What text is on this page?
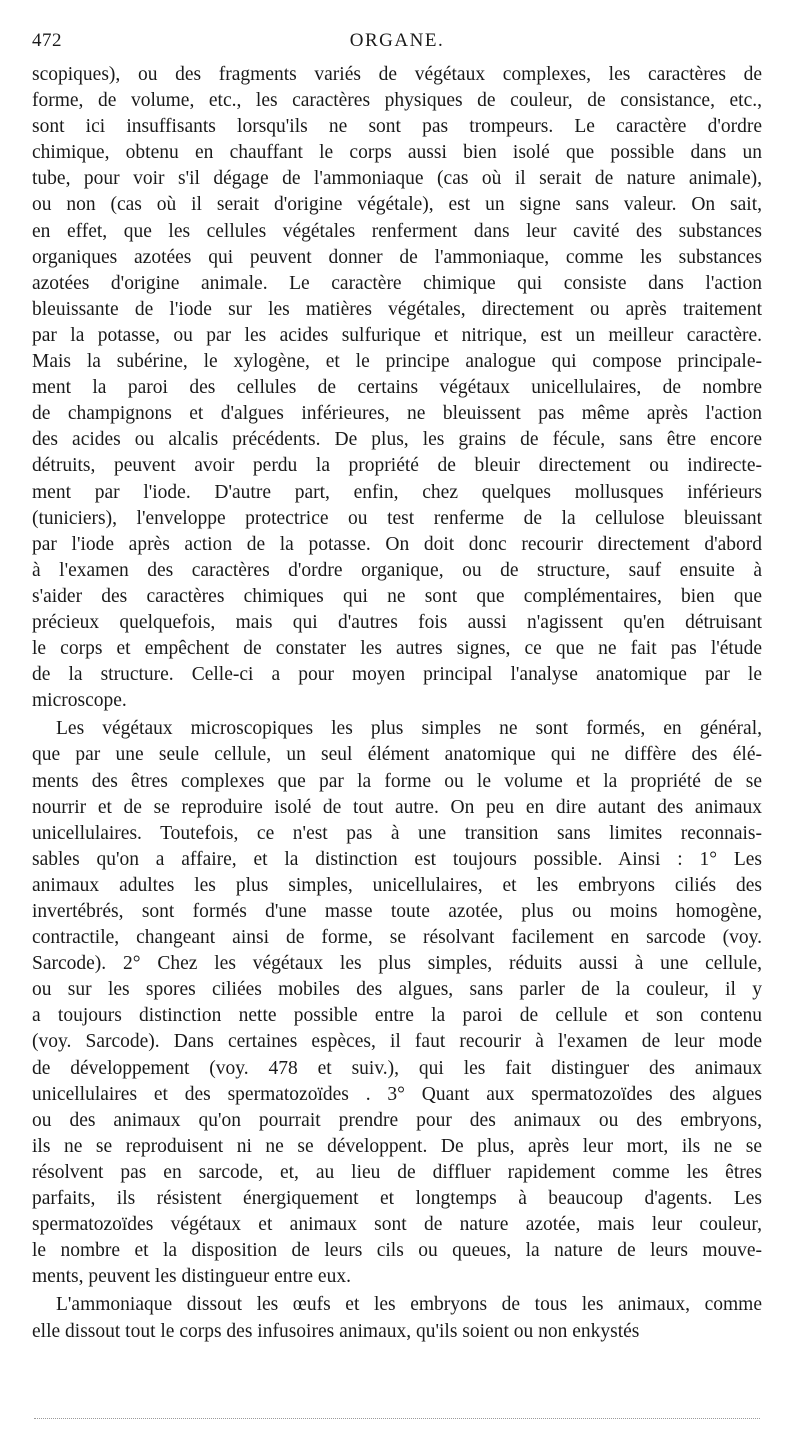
472	ORGANE.

scopiques), ou des fragments variés de végétaux complexes, les caractères de
forme, de volume, etc., les caractères physiques de couleur, de consistance, etc.,
sont ici insuffisants lorsqu'ils ne sont pas trompeurs. Le caractère d'ordre
chimique, obtenu en chauffant le corps aussi bien isolé que possible dans un
tube, pour voir s'il dégage de l'ammoniaque (cas où il serait de nature animale),
ou non (cas où il serait d'origine végétale), est un signe sans valeur. On sait,
en effet, que les cellules végétales renferment dans leur cavité des substances
organiques azotées qui peuvent donner de l'ammoniaque, comme les substances
azotées d'origine animale. Le caractère chimique qui consiste dans l'action
bleuissante de l'iode sur les matières végétales, directement ou après traitement
par la potasse, ou par les acides sulfurique et nitrique, est un meilleur caractère.
Mais la subérine, le xylogène, et le principe analogue qui compose principale-
ment la paroi des cellules de certains végétaux unicellulaires, de nombre
de champignons et d'algues inférieures, ne bleuissent pas même après l'action
des acides ou alcalis précédents. De plus, les grains de fécule, sans être encore
détruits, peuvent avoir perdu la propriété de bleuir directement ou indirecte-
ment par l'iode. D'autre part, enfin, chez quelques mollusques inférieurs
(tuniciers), l'enveloppe protectrice ou test renferme de la cellulose bleuissant
par l'iode après action de la potasse. On doit donc recourir directement d'abord
à l'examen des caractères d'ordre organique, ou de structure, sauf ensuite à
s'aider des caractères chimiques qui ne sont que complémentaires, bien que
précieux quelquefois, mais qui d'autres fois aussi n'agissent qu'en détruisant
le corps et empêchent de constater les autres signes, ce que ne fait pas l'étude
de la structure. Celle-ci a pour moyen principal l'analyse anatomique par le
microscope.

Les végétaux microscopiques les plus simples ne sont formés, en général,
que par une seule cellule, un seul élément anatomique qui ne diffère des élé-
ments des êtres complexes que par la forme ou le volume et la propriété de se
nourrir et de se reproduire isolé de tout autre. On peu en dire autant des animaux
unicellulaires. Toutefois, ce n'est pas à une transition sans limites reconnais-
sables qu'on a affaire, et la distinction est toujours possible. Ainsi : 1° Les
animaux adultes les plus simples, unicellulaires, et les embryons ciliés des
invertébrés, sont formés d'une masse toute azotée, plus ou moins homogène,
contractile, changeant ainsi de forme, se résolvant facilement en sarcode (voy.
Sarcode). 2° Chez les végétaux les plus simples, réduits aussi à une cellule,
ou sur les spores ciliées mobiles des algues, sans parler de la couleur, il y
a toujours distinction nette possible entre la paroi de cellule et son contenu
(voy. Sarcode). Dans certaines espèces, il faut recourir à l'examen de leur mode
de développement (voy. 478 et suiv.), qui les fait distinguer des animaux
unicellulaires et des spermatozoïdes . 3° Quant aux spermatozoïdes des algues
ou des animaux qu'on pourrait prendre pour des animaux ou des embryons,
ils ne se reproduisent ni ne se développent. De plus, après leur mort, ils ne se
résolvent pas en sarcode, et, au lieu de diffluer rapidement comme les êtres
parfaits, ils résistent énergiquement et longtemps à beaucoup d'agents. Les
spermatozoïdes végétaux et animaux sont de nature azotée, mais leur couleur,
le nombre et la disposition de leurs cils ou queues, la nature de leurs mouve-
ments, peuvent les distingueur entre eux.

L'ammoniaque dissout les œufs et les embryons de tous les animaux, comme
elle dissout tout le corps des infusoires animaux, qu'ils soient ou non enkystés
